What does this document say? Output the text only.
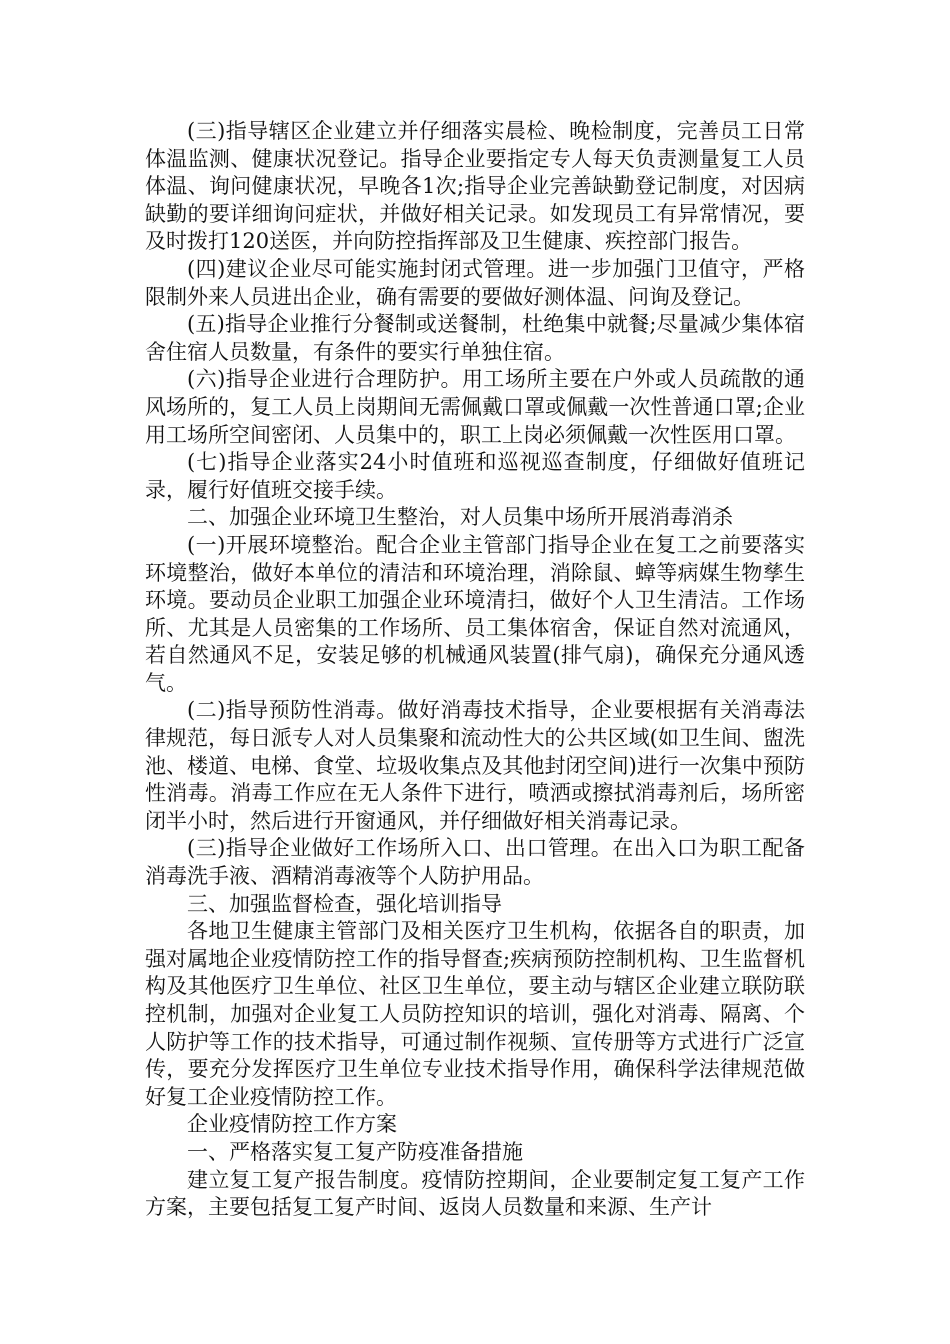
(三)指导辖区企业建立并仔细落实晨检、晚检制度，完善员工日常体温监测、健康状况登记。指导企业要指定专人每天负责测量复工人员体温、询问健康状况，早晚各1次;指导企业完善缺勤登记制度，对因病缺勤的要详细询问症状，并做好相关记录。如发现员工有异常情况，要及时拨打120送医，并向防控指挥部及卫生健康、疾控部门报告。

(四)建议企业尽可能实施封闭式管理。进一步加强门卫值守，严格限制外来人员进出企业，确有需要的要做好测体温、问询及登记。

(五)指导企业推行分餐制或送餐制，杜绝集中就餐;尽量减少集体宿舍住宿人员数量，有条件的要实行单独住宿。

(六)指导企业进行合理防护。用工场所主要在户外或人员疏散的通风场所的，复工人员上岗期间无需佩戴口罩或佩戴一次性普通口罩;企业用工场所空间密闭、人员集中的，职工上岗必须佩戴一次性医用口罩。

(七)指导企业落实24小时值班和巡视巡查制度，仔细做好值班记录，履行好值班交接手续。

二、加强企业环境卫生整治，对人员集中场所开展消毒消杀

(一)开展环境整治。配合企业主管部门指导企业在复工之前要落实环境整治，做好本单位的清洁和环境治理，消除鼠、蟑等病媒生物孳生环境。要动员企业职工加强企业环境清扫，做好个人卫生清洁。工作场所、尤其是人员密集的工作场所、员工集体宿舍，保证自然对流通风，若自然通风不足，安装足够的机械通风装置(排气扇)，确保充分通风透气。

(二)指导预防性消毒。做好消毒技术指导，企业要根据有关消毒法律规范，每日派专人对人员集聚和流动性大的公共区域(如卫生间、盥洗池、楼道、电梯、食堂、垃圾收集点及其他封闭空间)进行一次集中预防性消毒。消毒工作应在无人条件下进行，喷洒或擦拭消毒剂后，场所密闭半小时，然后进行开窗通风，并仔细做好相关消毒记录。

(三)指导企业做好工作场所入口、出口管理。在出入口为职工配备消毒洗手液、酒精消毒液等个人防护用品。

三、加强监督检查，强化培训指导

各地卫生健康主管部门及相关医疗卫生机构，依据各自的职责，加强对属地企业疫情防控工作的指导督查;疾病预防控制机构、卫生监督机构及其他医疗卫生单位、社区卫生单位，要主动与辖区企业建立联防联控机制，加强对企业复工人员防控知识的培训，强化对消毒、隔离、个人防护等工作的技术指导，可通过制作视频、宣传册等方式进行广泛宣传，要充分发挥医疗卫生单位专业技术指导作用，确保科学法律规范做好复工企业疫情防控工作。

企业疫情防控工作方案

一、严格落实复工复产防疫准备措施

建立复工复产报告制度。疫情防控期间，企业要制定复工复产工作方案，主要包括复工复产时间、返岗人员数量和来源、生产计
